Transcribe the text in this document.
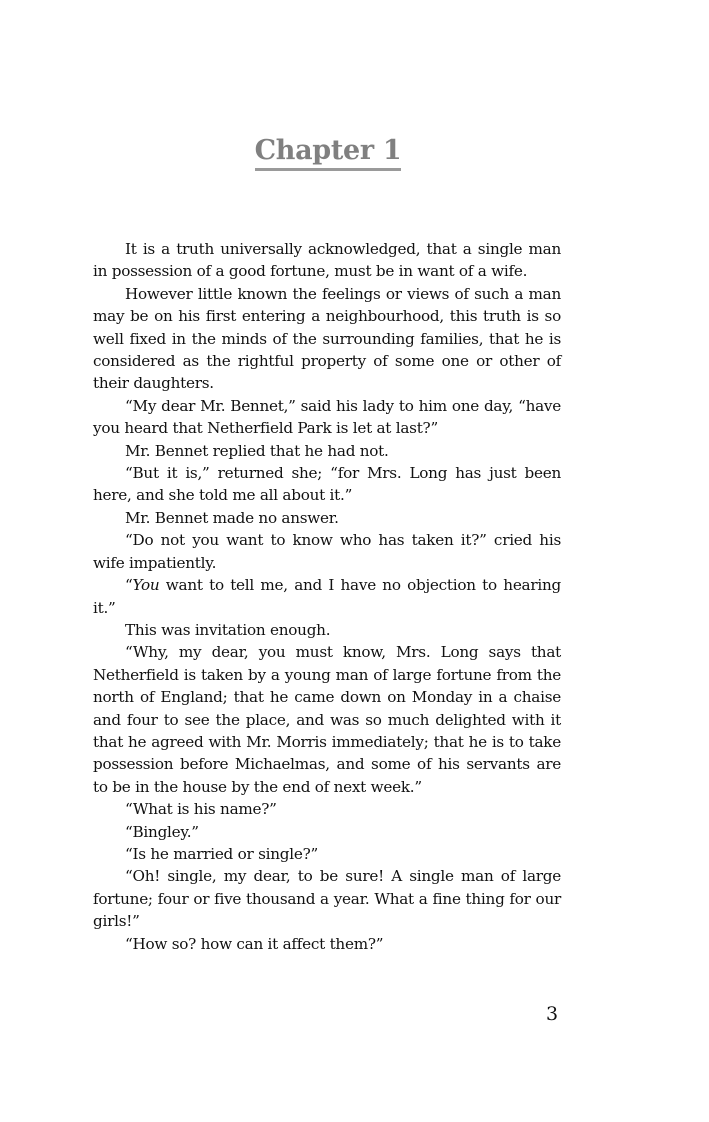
Chapter 1

It is a truth universally acknowledged, that a single man in possession of a good fortune, must be in want of a wife.

However little known the feelings or views of such a man may be on his first entering a neighbourhood, this truth is so well fixed in the minds of the surrounding families, that he is considered as the rightful property of some one or other of their daughters.

“My dear Mr. Bennet,” said his lady to him one day, “have you heard that Netherfield Park is let at last?”

Mr. Bennet replied that he had not.

“But it is,” returned she; “for Mrs. Long has just been here, and she told me all about it.”

Mr. Bennet made no answer.

“Do not you want to know who has taken it?” cried his wife impatiently.

“You want to tell me, and I have no objection to hearing it.”

This was invitation enough.

“Why, my dear, you must know, Mrs. Long says that Netherfield is taken by a young man of large fortune from the north of England; that he came down on Monday in a chaise and four to see the place, and was so much delighted with it that he agreed with Mr. Morris immediately; that he is to take possession before Michaelmas, and some of his servants are to be in the house by the end of next week.”

“What is his name?”

“Bingley.”

“Is he married or single?”

“Oh! single, my dear, to be sure! A single man of large fortune; four or five thousand a year. What a fine thing for our girls!”

“How so? how can it affect them?”

3
